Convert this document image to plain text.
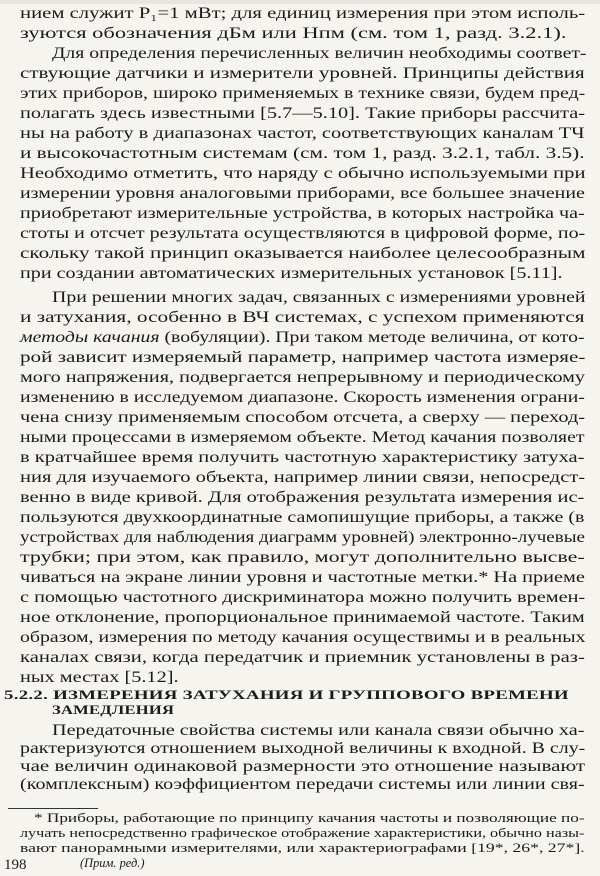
нием служит P₁=1 мВт; для единиц измерения при этом исполь-
зуются обозначения дБм или Нпм (см. том 1, разд. 3.2.1).
Для определения перечисленных величин необходимы соответ-
ствующие датчики и измерители уровней. Принципы действия
этих приборов, широко применяемых в технике связи, будем пред-
полагать здесь известными [5.7—5.10]. Такие приборы рассчита-
ны на работу в диапазонах частот, соответствующих каналам ТЧ
и высокочастотным системам (см. том 1, разд. 3.2.1, табл. 3.5).
Необходимо отметить, что наряду с обычно используемыми при
измерении уровня аналоговыми приборами, все большее значение
приобретают измерительные устройства, в которых настройка ча-
стоты и отсчет результата осуществляются в цифровой форме, по-
скольку такой принцип оказывается наиболее целесообразным
при создании автоматических измерительных установок [5.11].
При решении многих задач, связанных с измерениями уровней
и затухания, особенно в ВЧ системах, с успехом применяются
методы качания (вобуляции). При таком методе величина, от кото-
рой зависит измеряемый параметр, например частота измеряе-
мого напряжения, подвергается непрерывному и периодическому
изменению в исследуемом диапазоне. Скорость изменения ограни-
чена снизу применяемым способом отсчета, а сверху — переход-
ными процессами в измеряемом объекте. Метод качания позволяет
в кратчайшее время получить частотную характеристику затуха-
ния для изучаемого объекта, например линии связи, непосредст-
венно в виде кривой. Для отображения результата измерения ис-
пользуются двухкоординатные самопишущие приборы, а также (в
устройствах для наблюдения диаграмм уровней) электронно-лучевые
трубки; при этом, как правило, могут дополнительно высве-
чиваться на экране линии уровня и частотные метки.* На приеме
с помощью частотного дискриминатора можно получить времен-
ное отклонение, пропорциональное принимаемой частоте. Таким
образом, измерения по методу качания осуществимы и в реальных
каналах связи, когда передатчик и приемник установлены в раз-
ных местах [5.12].
5.2.2. ИЗМЕРЕНИЯ ЗАТУХАНИЯ И ГРУППОВОГО ВРЕМЕНИ
ЗАМЕДЛЕНИЯ
Передаточные свойства системы или канала связи обычно ха-
рактеризуются отношением выходной величины к входной. В слу-
чае величин одинаковой размерности это отношение называют
(комплексным) коэффициентом передачи системы или линии свя-
* Приборы, работающие по принципу качания частоты и позволяющие по-
лучать непосредственно графическое отображение характеристики, обычно назы-
вают панорамными измерителями, или характериографами [19*, 26*, 27*].
(Прим. ред.)
198
